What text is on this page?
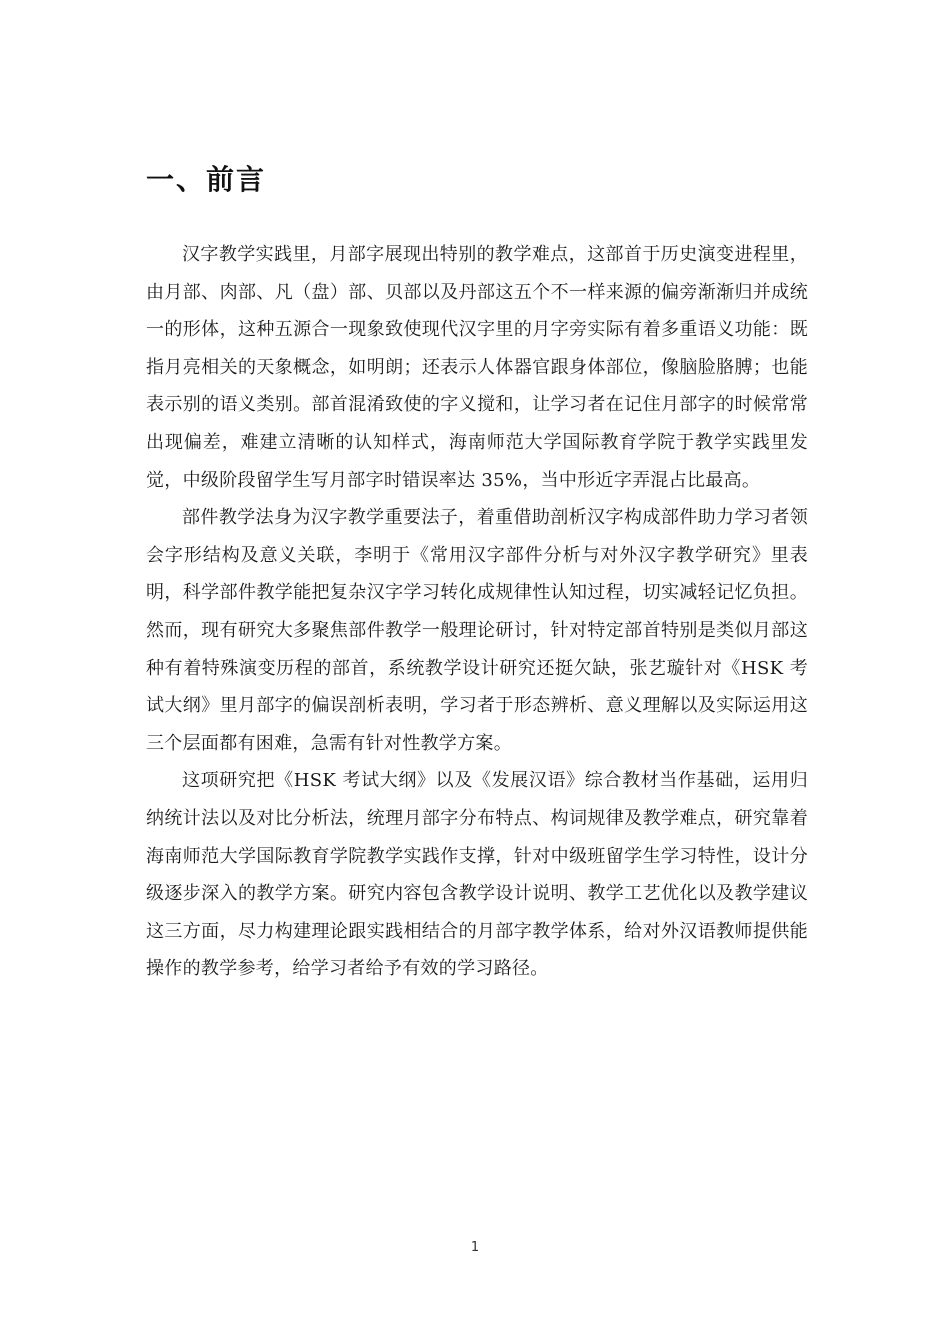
一、前言

汉字教学实践里，月部字展现出特别的教学难点，这部首于历史演变进程里，由月部、肉部、凡（盘）部、贝部以及丹部这五个不一样来源的偏旁渐渐归并成统一的形体，这种五源合一现象致使现代汉字里的月字旁实际有着多重语义功能：既指月亮相关的天象概念，如明朗；还表示人体器官跟身体部位，像脑脸胳膊；也能表示别的语义类别。部首混淆致使的字义搅和，让学习者在记住月部字的时候常常出现偏差，难建立清晰的认知样式，海南师范大学国际教育学院于教学实践里发觉，中级阶段留学生写月部字时错误率达 35%，当中形近字弄混占比最高。

部件教学法身为汉字教学重要法子，着重借助剖析汉字构成部件助力学习者领会字形结构及意义关联，李明于《常用汉字部件分析与对外汉字教学研究》里表明，科学部件教学能把复杂汉字学习转化成规律性认知过程，切实减轻记忆负担。然而，现有研究大多聚焦部件教学一般理论研讨，针对特定部首特别是类似月部这种有着特殊演变历程的部首，系统教学设计研究还挺欠缺，张艺璇针对《HSK 考试大纲》里月部字的偏误剖析表明，学习者于形态辨析、意义理解以及实际运用这三个层面都有困难，急需有针对性教学方案。

这项研究把《HSK 考试大纲》以及《发展汉语》综合教材当作基础，运用归纳统计法以及对比分析法，统理月部字分布特点、构词规律及教学难点，研究靠着海南师范大学国际教育学院教学实践作支撑，针对中级班留学生学习特性，设计分级逐步深入的教学方案。研究内容包含教学设计说明、教学工艺优化以及教学建议这三方面，尽力构建理论跟实践相结合的月部字教学体系，给对外汉语教师提供能操作的教学参考，给学习者给予有效的学习路径。

1
